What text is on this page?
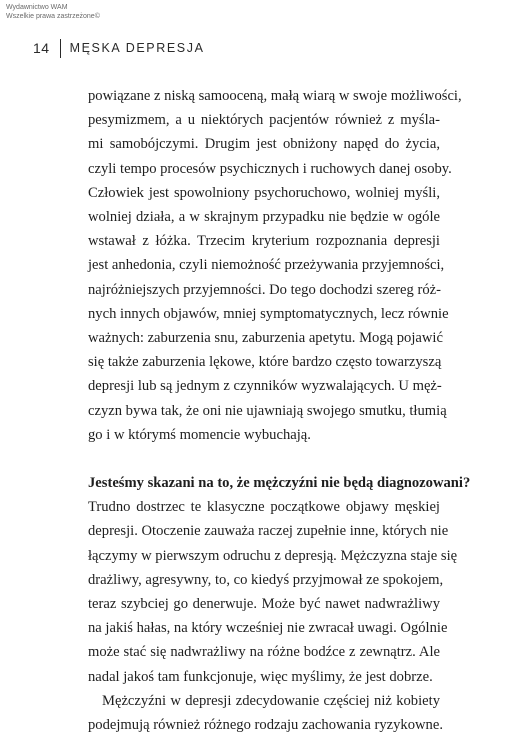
Wydawnictwo WAM
Wszelkie prawa zastrzeżone©
14 MĘSKA DEPRESJA
powiązane z niską samooceną, małą wiarą w swoje możliwości,
pesymizmem, a u niektórych pacjentów również z myśla-
mi samobójczymi. Drugim jest obniżony napęd do życia,
czyli tempo procesów psychicznych i ruchowych danej osoby.
Człowiek jest spowolniony psychoruchowo, wolniej myśli,
wolniej działa, a w skrajnym przypadku nie będzie w ogóle
wstawał z łóżka. Trzecim kryterium rozpoznania depresji
jest anhedonia, czyli niemożność przeżywania przyjemności,
najróżniejszych przyjemności. Do tego dochodzi szereg róż-
nych innych objawów, mniej symptomatycznych, lecz równie
ważnych: zaburzenia snu, zaburzenia apetytu. Mogą pojawić
się także zaburzenia lękowe, które bardzo często towarzyszą
depresji lub są jednym z czynników wyzwalających. U męż-
czyzn bywa tak, że oni nie ujawniają swojego smutku, tłumią
go i w którymś momencie wybuchają.
Jesteśmy skazani na to, że mężczyźni nie będą diagnozowani?
Trudno dostrzec te klasyczne początkowe objawy męskiej
depresji. Otoczenie zauważa raczej zupełnie inne, których nie
łączymy w pierwszym odruchu z depresją. Mężczyzna staje się
drażliwy, agresywny, to, co kiedyś przyjmował ze spokojem,
teraz szybciej go denerwuje. Może być nawet nadwrażliwy
na jakiś hałas, na który wcześniej nie zwracał uwagi. Ogólnie
może stać się nadwrażliwy na różne bodźce z zewnątrz. Ale
nadal jakoś tam funkcjonuje, więc myślimy, że jest dobrze.
Mężczyźni w depresji zdecydowanie częściej niż kobiety
podejmują również różnego rodzaju zachowania ryzykowne.
